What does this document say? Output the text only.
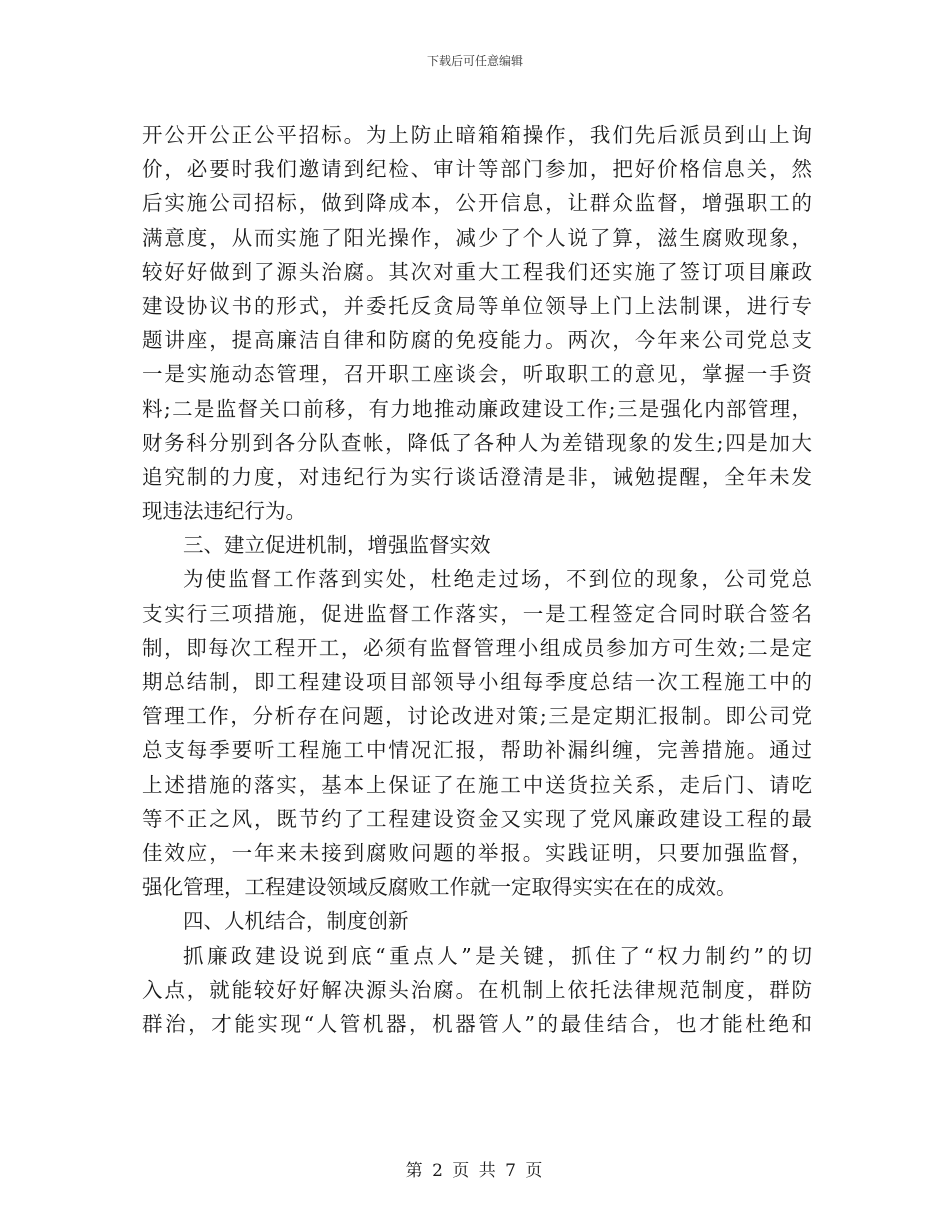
下载后可任意编辑
开公开公正公平招标。为上防止暗箱箱操作，我们先后派员到山上询
价，必要时我们邀请到纪检、审计等部门参加，把好价格信息关，然
后实施公司招标，做到降成本，公开信息，让群众监督，增强职工的
满意度，从而实施了阳光操作，减少了个人说了算，滋生腐败现象，
较好好做到了源头治腐。其次对重大工程我们还实施了签订项目廉政
建设协议书的形式，并委托反贪局等单位领导上门上法制课，进行专
题讲座，提高廉洁自律和防腐的免疫能力。两次，今年来公司党总支
一是实施动态管理，召开职工座谈会，听取职工的意见，掌握一手资
料;二是监督关口前移，有力地推动廉政建设工作;三是强化内部管理，
财务科分别到各分队查帐，降低了各种人为差错现象的发生;四是加大
追究制的力度，对违纪行为实行谈话澄清是非，诫勉提醒，全年未发
现违法违纪行为。
三、建立促进机制，增强监督实效
为使监督工作落到实处，杜绝走过场，不到位的现象，公司党总
支实行三项措施，促进监督工作落实，一是工程签定合同时联合签名
制，即每次工程开工，必须有监督管理小组成员参加方可生效;二是定
期总结制，即工程建设项目部领导小组每季度总结一次工程施工中的
管理工作，分析存在问题，讨论改进对策;三是定期汇报制。即公司党
总支每季要听工程施工中情况汇报，帮助补漏纠缠，完善措施。通过
上述措施的落实，基本上保证了在施工中送货拉关系，走后门、请吃
等不正之风，既节约了工程建设资金又实现了党风廉政建设工程的最
佳效应，一年来未接到腐败问题的举报。实践证明，只要加强监督，
强化管理，工程建设领域反腐败工作就一定取得实实在在的成效。
四、人机结合，制度创新
抓廉政建设说到底“重点人”是关键，抓住了“权力制约”的切
入点，就能较好好解决源头治腐。在机制上依托法律规范制度，群防
群治，才能实现“人管机器，机器管人”的最佳结合，也才能杜绝和
第 2 页 共 7 页
